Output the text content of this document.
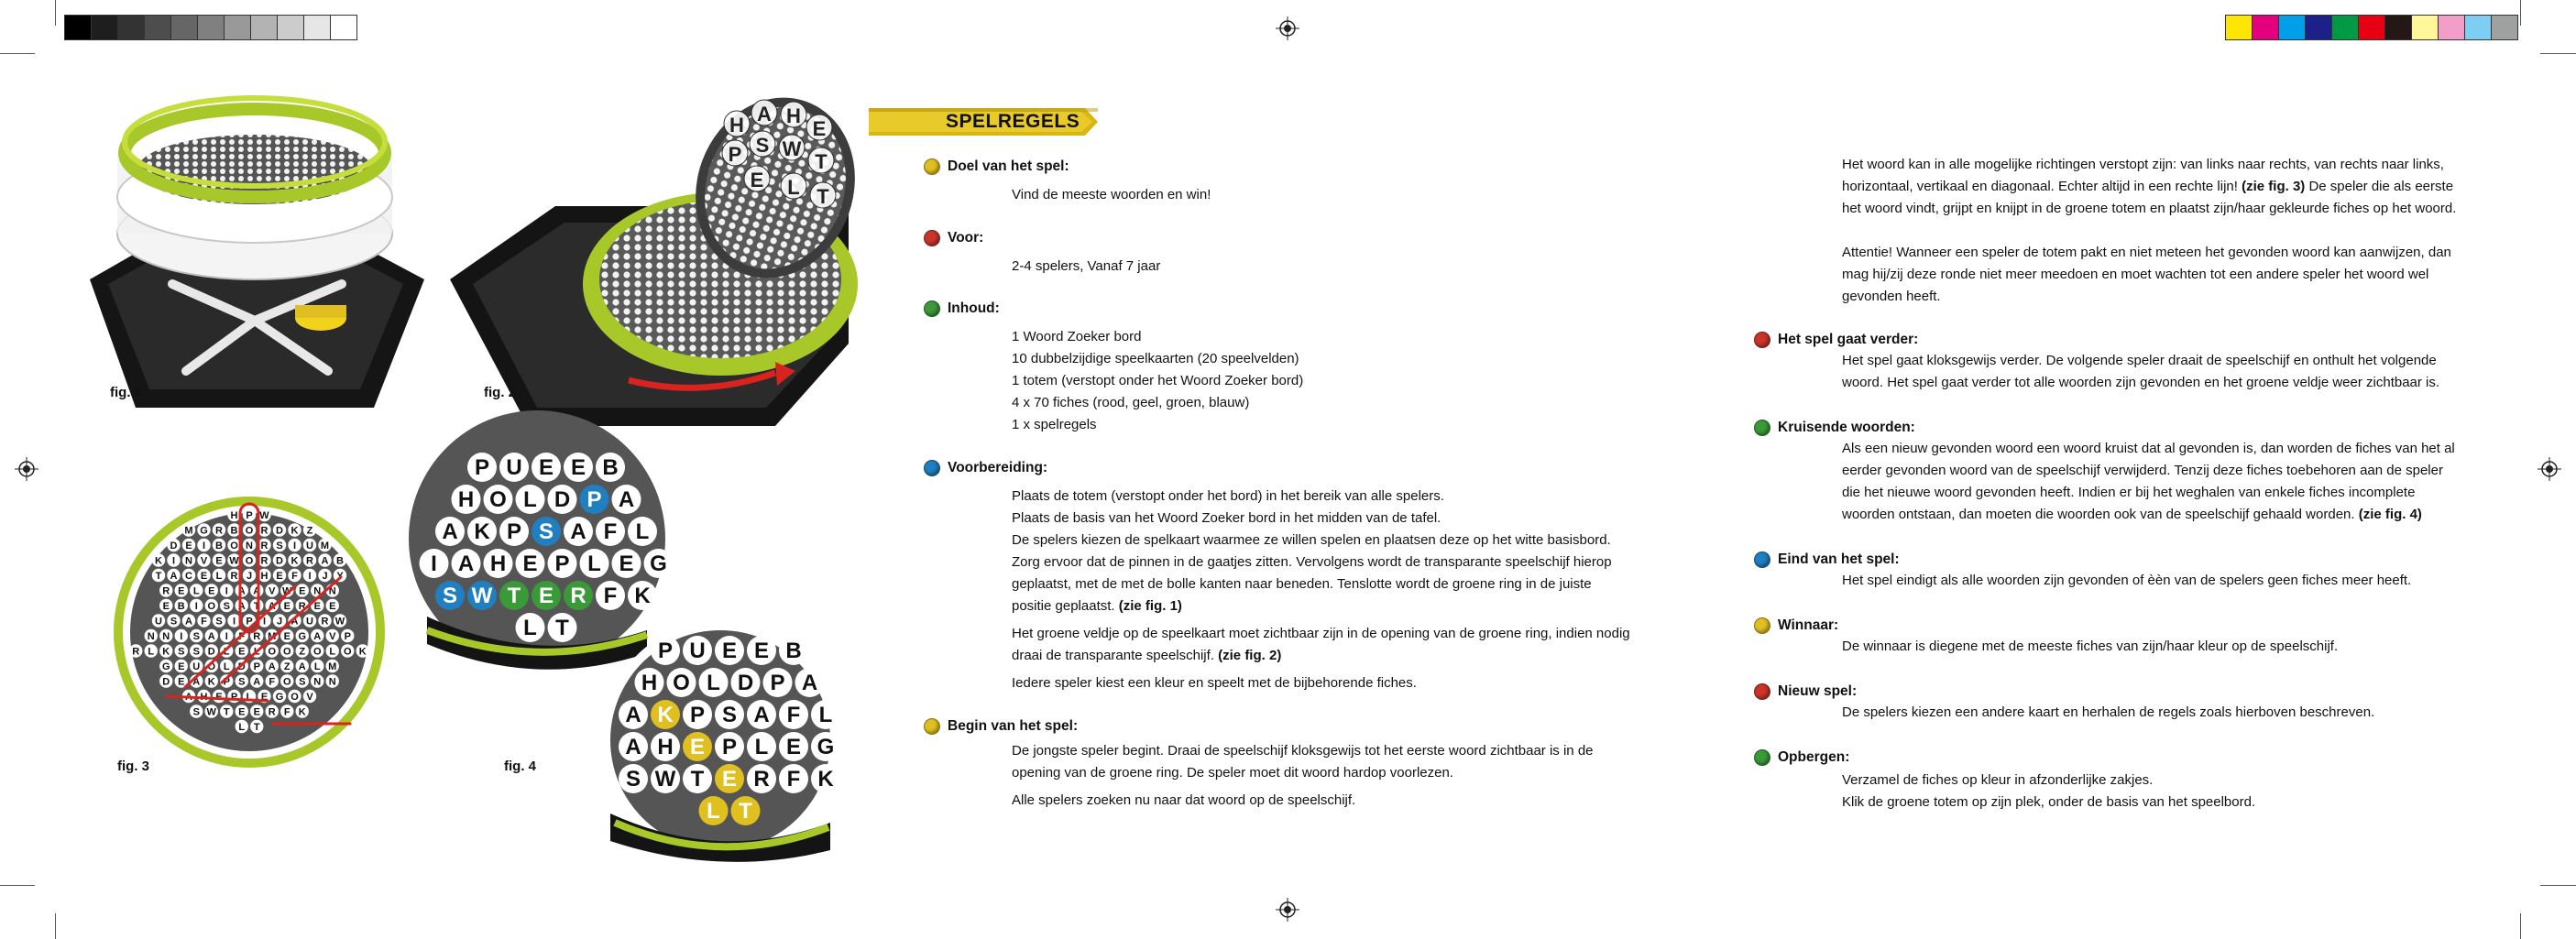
fig. 1
H A H
E
P S W
T
E L T
fig. 2
H P W
M G R B O R D K Z
D E I B O N R S I U M
K I N V E W O R D K R A B
T A C E L R J H E F I J Y
R E L E I A A V W E N N
E B I O S A T A E R E E
U S A F S I P I J A U R W
N N I S A I F R M E G A V P
R L K S S D L E L O O Z O L O K
G E U O L D P A Z A L M
D E A K P S A F O S N N
A H E P L E G O V
S W T E E R F K
L T
fig. 3
P U E E B
H O L D P A
A K P S A F L
I A H E P L E G
S W T E R F K
L T
P U E E B
H O L D P A
A K P S A F L
A H E P L E G
S W T E R F K
L T
fig. 4
SPELREGELS
Doel van het spel:

Vind de meeste woorden en win!

Voor:

2-4 spelers, Vanaf 7 jaar

Inhoud:

1 Woord Zoeker bord

10 dubbelzijdige speelkaarten (20 speelvelden)

1 totem (verstopt onder het Woord Zoeker bord)

4 x 70 fiches (rood, geel, groen, blauw)

1 x spelregels

Voorbereiding:

Plaats de totem (verstopt onder het bord) in het bereik van alle spelers.

Plaats de basis van het Woord Zoeker bord in het midden van de tafel.

De spelers kiezen de spelkaart waarmee ze willen spelen en plaatsen deze op het witte basisbord.

Zorg ervoor dat de pinnen in de gaatjes zitten. Vervolgens wordt de transparante speelschijf hierop

geplaatst, met de met de bolle kanten naar beneden. Tenslotte wordt de groene ring in de juiste

positie geplaatst. (zie fig. 1)

Het groene veldje op de speelkaart moet zichtbaar zijn in de opening van de groene ring, indien nodig

draai de transparante speelschijf. (zie fig. 2)

Iedere speler kiest een kleur en speelt met de bijbehorende fiches.

Begin van het spel:

De jongste speler begint. Draai de speelschijf kloksgewijs tot het eerste woord zichtbaar is in de

opening van de groene ring. De speler moet dit woord hardop voorlezen.

Alle spelers zoeken nu naar dat woord op de speelschijf.

Het woord kan in alle mogelijke richtingen verstopt zijn: van links naar rechts, van rechts naar links,

horizontaal, vertikaal en diagonaal. Echter altijd in een rechte lijn! (zie fig. 3) De speler die als eerste

het woord vindt, grijpt en knijpt in de groene totem en plaatst zijn/haar gekleurde fiches op het woord.

Attentie! Wanneer een speler de totem pakt en niet meteen het gevonden woord kan aanwijzen, dan

mag hij/zij deze ronde niet meer meedoen en moet wachten tot een andere speler het woord wel

gevonden heeft.

Het spel gaat verder:

Het spel gaat kloksgewijs verder. De volgende speler draait de speelschijf en onthult het volgende

woord. Het spel gaat verder tot alle woorden zijn gevonden en het groene veldje weer zichtbaar is.

Kruisende woorden:

Als een nieuw gevonden woord een woord kruist dat al gevonden is, dan worden de fiches van het al

eerder gevonden woord van de speelschijf verwijderd. Tenzij deze fiches toebehoren aan de speler

die het nieuwe woord gevonden heeft. Indien er bij het weghalen van enkele fiches incomplete

woorden ontstaan, dan moeten die woorden ook van de speelschijf gehaald worden. (zie fig. 4)

Eind van het spel:

Het spel eindigt als alle woorden zijn gevonden of èèn van de spelers geen fiches meer heeft.

Winnaar:

De winnaar is diegene met de meeste fiches van zijn/haar kleur op de speelschijf.

Nieuw spel:

De spelers kiezen een andere kaart en herhalen de regels zoals hierboven beschreven.

Opbergen:

Verzamel de fiches op kleur in afzonderlijke zakjes.

Klik de groene totem op zijn plek, onder de basis van het speelbord.
